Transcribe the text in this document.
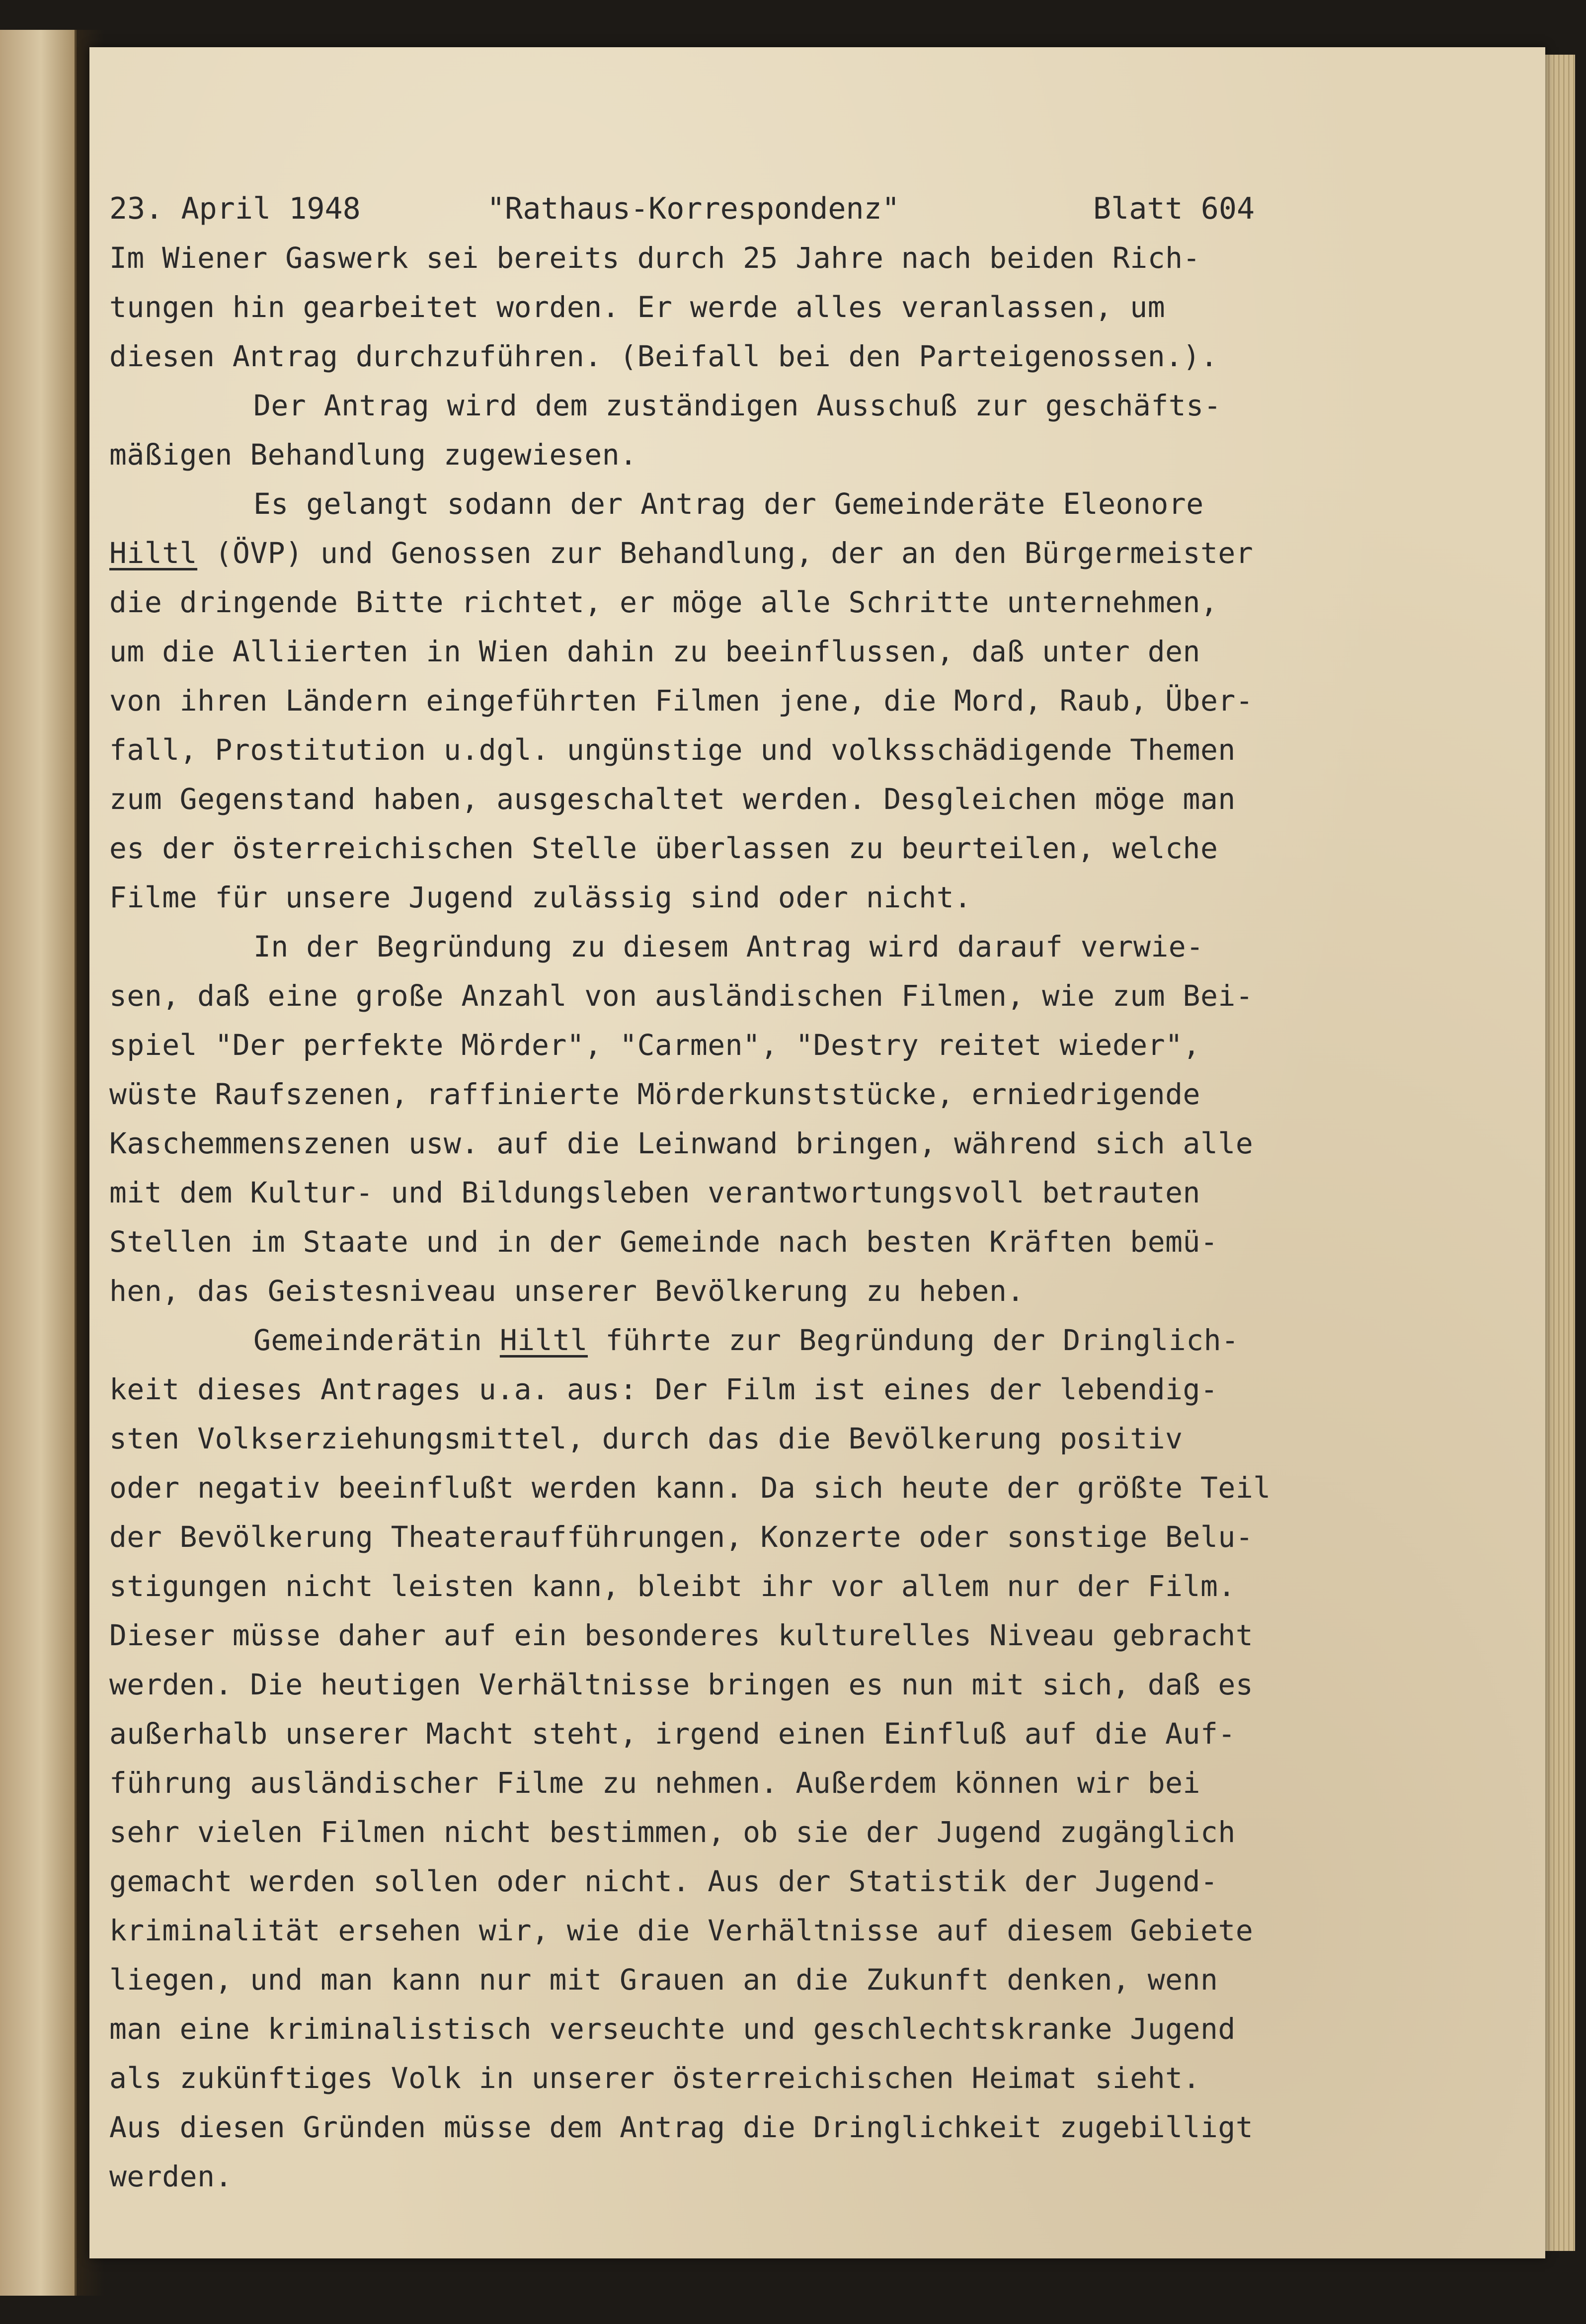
23. April 1948	"Rathaus-Korrespondenz"	Blatt 604
Im Wiener Gaswerk sei bereits durch 25 Jahre nach beiden Rich-
tungen hin gearbeitet worden. Er werde alles veranlassen, um
diesen Antrag durchzuführen. (Beifall bei den Parteigenossen.).
Der Antrag wird dem zuständigen Ausschuß zur geschäfts-
mäßigen Behandlung zugewiesen.
Es gelangt sodann der Antrag der Gemeinderäte Eleonore
Hiltl (ÖVP) und Genossen zur Behandlung, der an den Bürgermeister
die dringende Bitte richtet, er möge alle Schritte unternehmen,
um die Alliierten in Wien dahin zu beeinflussen, daß unter den
von ihren Ländern eingeführten Filmen jene, die Mord, Raub, Über-
fall, Prostitution u.dgl. ungünstige und volksschädigende Themen
zum Gegenstand haben, ausgeschaltet werden. Desgleichen möge man
es der österreichischen Stelle überlassen zu beurteilen, welche
Filme für unsere Jugend zulässig sind oder nicht.
In der Begründung zu diesem Antrag wird darauf verwie-
sen, daß eine große Anzahl von ausländischen Filmen, wie zum Bei-
spiel "Der perfekte Mörder", "Carmen", "Destry reitet wieder",
wüste Raufszenen, raffinierte Mörderkunststücke, erniedrigende
Kaschemmenszenen usw. auf die Leinwand bringen, während sich alle
mit dem Kultur- und Bildungsleben verantwortungsvoll betrauten
Stellen im Staate und in der Gemeinde nach besten Kräften bemü-
hen, das Geistesniveau unserer Bevölkerung zu heben.
Gemeinderätin Hiltl führte zur Begründung der Dringlich-
keit dieses Antrages u.a. aus: Der Film ist eines der lebendig-
sten Volkserziehungsmittel, durch das die Bevölkerung positiv
oder negativ beeinflußt werden kann. Da sich heute der größte Teil
der Bevölkerung Theateraufführungen, Konzerte oder sonstige Belu-
stigungen nicht leisten kann, bleibt ihr vor allem nur der Film.
Dieser müsse daher auf ein besonderes kulturelles Niveau gebracht
werden. Die heutigen Verhältnisse bringen es nun mit sich, daß es
außerhalb unserer Macht steht, irgend einen Einfluß auf die Auf-
führung ausländischer Filme zu nehmen. Außerdem können wir bei
sehr vielen Filmen nicht bestimmen, ob sie der Jugend zugänglich
gemacht werden sollen oder nicht. Aus der Statistik der Jugend-
kriminalität ersehen wir, wie die Verhältnisse auf diesem Gebiete
liegen, und man kann nur mit Grauen an die Zukunft denken, wenn
man eine kriminalistisch verseuchte und geschlechtskranke Jugend
als zukünftiges Volk in unserer österreichischen Heimat sieht.
Aus diesen Gründen müsse dem Antrag die Dringlichkeit zugebilligt
werden.
